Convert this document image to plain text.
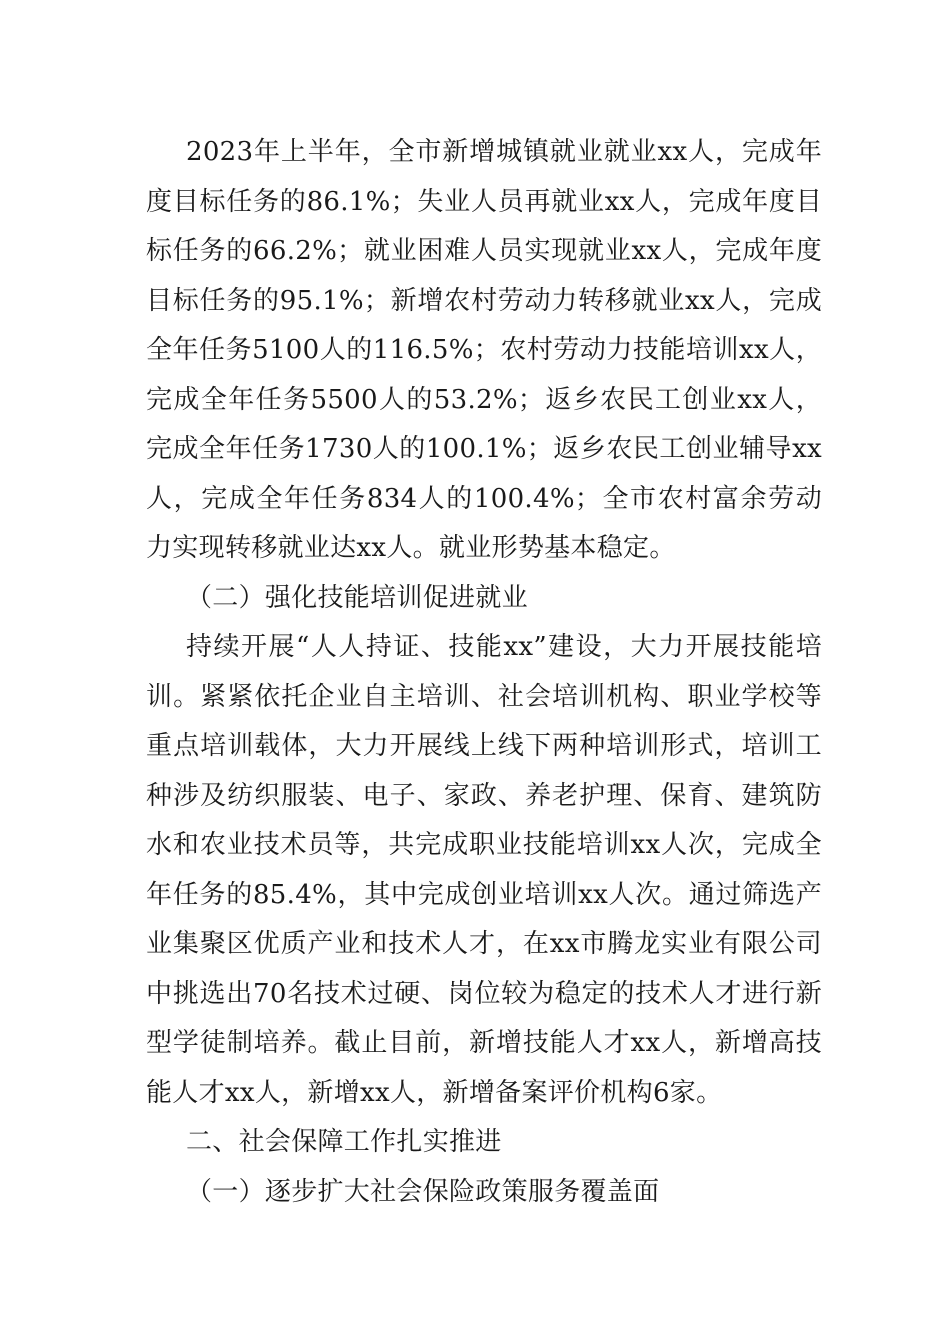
2023年上半年，全市新增城镇就业就业xx人，完成年度目标任务的86.1%；失业人员再就业xx人，完成年度目标任务的66.2%；就业困难人员实现就业xx人，完成年度目标任务的95.1%；新增农村劳动力转移就业xx人，完成全年任务5100人的116.5%；农村劳动力技能培训xx人，完成全年任务5500人的53.2%；返乡农民工创业xx人，完成全年任务1730人的100.1%；返乡农民工创业辅导xx人，完成全年任务834人的100.4%；全市农村富余劳动力实现转移就业达xx人。就业形势基本稳定。

（二）强化技能培训促进就业

持续开展“人人持证、技能xx”建设，大力开展技能培训。紧紧依托企业自主培训、社会培训机构、职业学校等重点培训载体，大力开展线上线下两种培训形式，培训工种涉及纺织服装、电子、家政、养老护理、保育、建筑防水和农业技术员等，共完成职业技能培训xx人次，完成全年任务的85.4%，其中完成创业培训xx人次。通过筛选产业集聚区优质产业和技术人才，在xx市腾龙实业有限公司中挑选出70名技术过硬、岗位较为稳定的技术人才进行新型学徒制培养。截止目前，新增技能人才xx人，新增高技能人才xx人，新增xx人，新增备案评价机构6家。

二、社会保障工作扎实推进

（一）逐步扩大社会保险政策服务覆盖面
